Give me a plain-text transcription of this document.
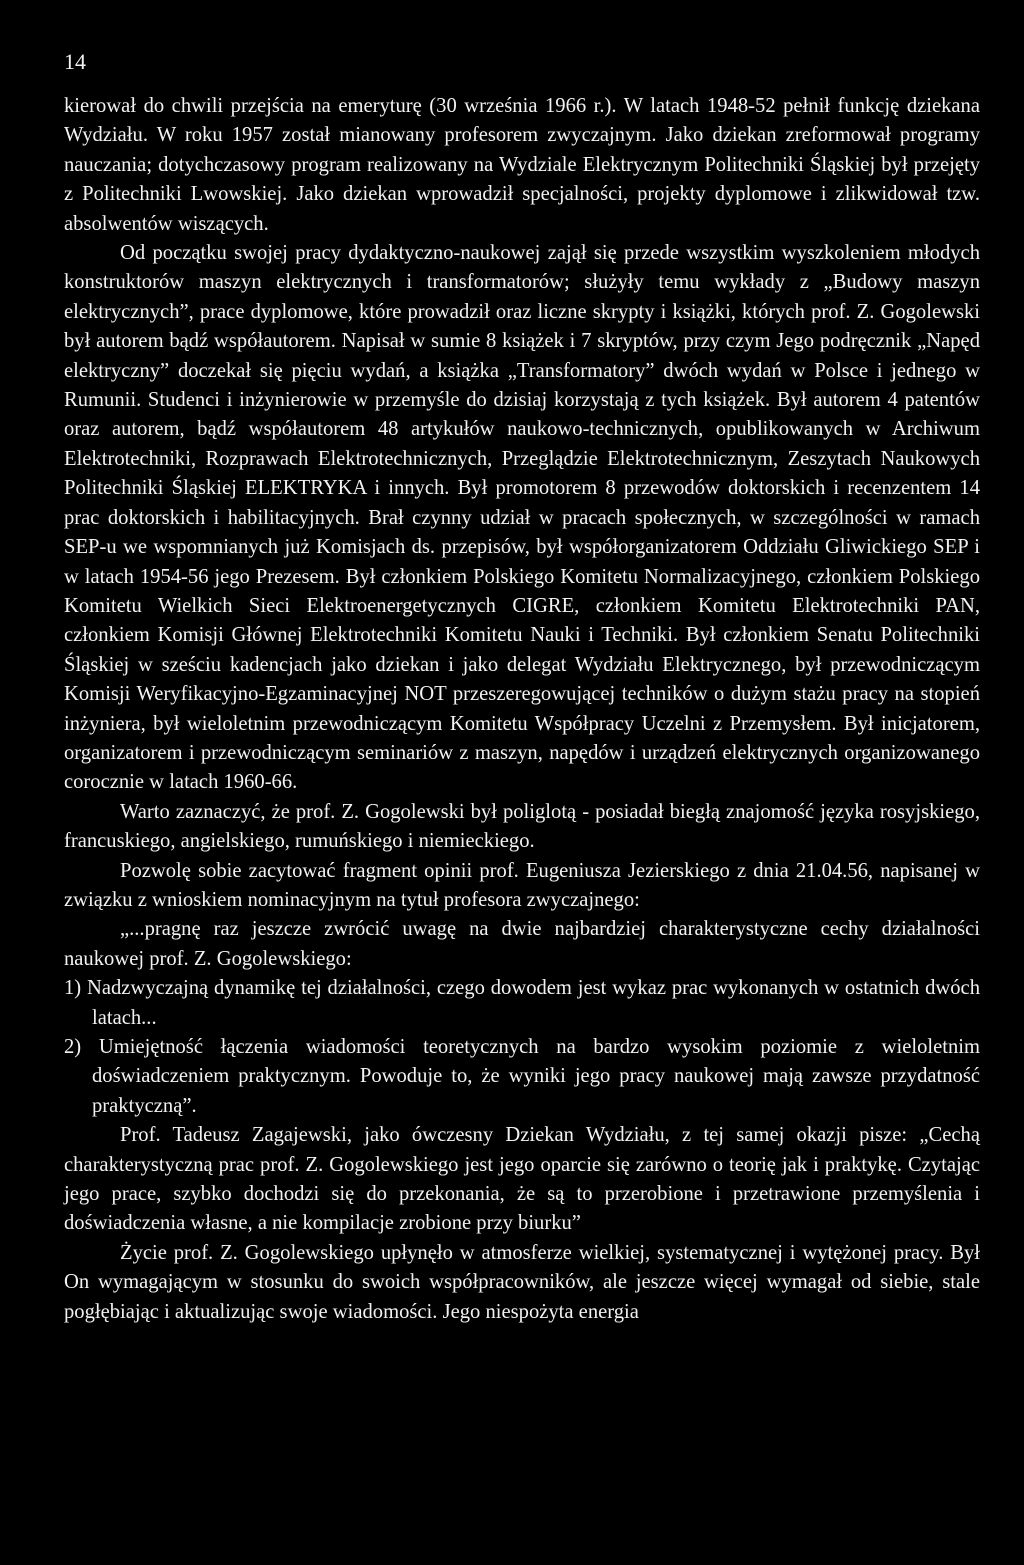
14

kierował do chwili przejścia na emeryturę (30 września 1966 r.). W latach 1948-52 pełnił funkcję dziekana Wydziału. W roku 1957 został mianowany profesorem zwyczajnym. Jako dziekan zreformował programy nauczania; dotychczasowy program realizowany na Wydziale Elektrycznym Politechniki Śląskiej był przejęty z Politechniki Lwowskiej. Jako dziekan wprowadził specjalności, projekty dyplomowe i zlikwidował tzw. absolwentów wiszących.

Od początku swojej pracy dydaktyczno-naukowej zajął się przede wszystkim wyszkoleniem młodych konstruktorów maszyn elektrycznych i transformatorów; służyły temu wykłady z „Budowy maszyn elektrycznych”, prace dyplomowe, które prowadził oraz liczne skrypty i książki, których prof. Z. Gogolewski był autorem bądź współautorem. Napisał w sumie 8 książek i 7 skryptów, przy czym Jego podręcznik „Napęd elektryczny” doczekał się pięciu wydań, a książka „Transformatory” dwóch wydań w Polsce i jednego w Rumunii. Studenci i inżynierowie w przemyśle do dzisiaj korzystają z tych książek. Był autorem 4 patentów oraz autorem, bądź współautorem 48 artykułów naukowo-technicznych, opublikowanych w Archiwum Elektrotechniki, Rozprawach Elektrotechnicznych, Przeglądzie Elektrotechnicznym, Zeszytach Naukowych Politechniki Śląskiej ELEKTRYKA i innych. Był promotorem 8 przewodów doktorskich i recenzentem 14 prac doktorskich i habilitacyjnych. Brał czynny udział w pracach społecznych, w szczególności w ramach SEP-u we wspomnianych już Komisjach ds. przepisów, był współorganizatorem Oddziału Gliwickiego SEP i w latach 1954-56 jego Prezesem. Był członkiem Polskiego Komitetu Normalizacyjnego, członkiem Polskiego Komitetu Wielkich Sieci Elektroenergetycznych CIGRE, członkiem Komitetu Elektrotechniki PAN, członkiem Komisji Głównej Elektrotechniki Komitetu Nauki i Techniki. Był członkiem Senatu Politechniki Śląskiej w sześciu kadencjach jako dziekan i jako delegat Wydziału Elektrycznego, był przewodniczącym Komisji Weryfikacyjno-Egzaminacyjnej NOT przeszeregowującej techników o dużym stażu pracy na stopień inżyniera, był wieloletnim przewodniczącym Komitetu Współpracy Uczelni z Przemysłem. Był inicjatorem, organizatorem i przewodniczącym seminariów z maszyn, napędów i urządzeń elektrycznych organizowanego corocznie w latach 1960-66.

Warto zaznaczyć, że prof. Z. Gogolewski był poliglotą - posiadał biegłą znajomość języka rosyjskiego, francuskiego, angielskiego, rumuńskiego i niemieckiego.

Pozwolę sobie zacytować fragment opinii prof. Eugeniusza Jezierskiego z dnia 21.04.56, napisanej w związku z wnioskiem nominacyjnym na tytuł profesora zwyczajnego:

„...pragnę raz jeszcze zwrócić uwagę na dwie najbardziej charakterystyczne cechy działalności naukowej prof. Z. Gogolewskiego:

1) Nadzwyczajną dynamikę tej działalności, czego dowodem jest wykaz prac wykonanych w ostatnich dwóch latach...

2) Umiejętność łączenia wiadomości teoretycznych na bardzo wysokim poziomie z wieloletnim doświadczeniem praktycznym. Powoduje to, że wyniki jego pracy naukowej mają zawsze przydatność praktyczną”.

Prof. Tadeusz Zagajewski, jako ówczesny Dziekan Wydziału, z tej samej okazji pisze: „Cechą charakterystyczną prac prof. Z. Gogolewskiego jest jego oparcie się zarówno o teorię jak i praktykę. Czytając jego prace, szybko dochodzi się do przekonania, że są to przerobione i przetrawione przemyślenia i doświadczenia własne, a nie kompilacje zrobione przy biurku”

Życie prof. Z. Gogolewskiego upłynęło w atmosferze wielkiej, systematycznej i wytężonej pracy. Był On wymagającym w stosunku do swoich współpracowników, ale jeszcze więcej wymagał od siebie, stale pogłębiając i aktualizując swoje wiadomości. Jego niespożyta energia
